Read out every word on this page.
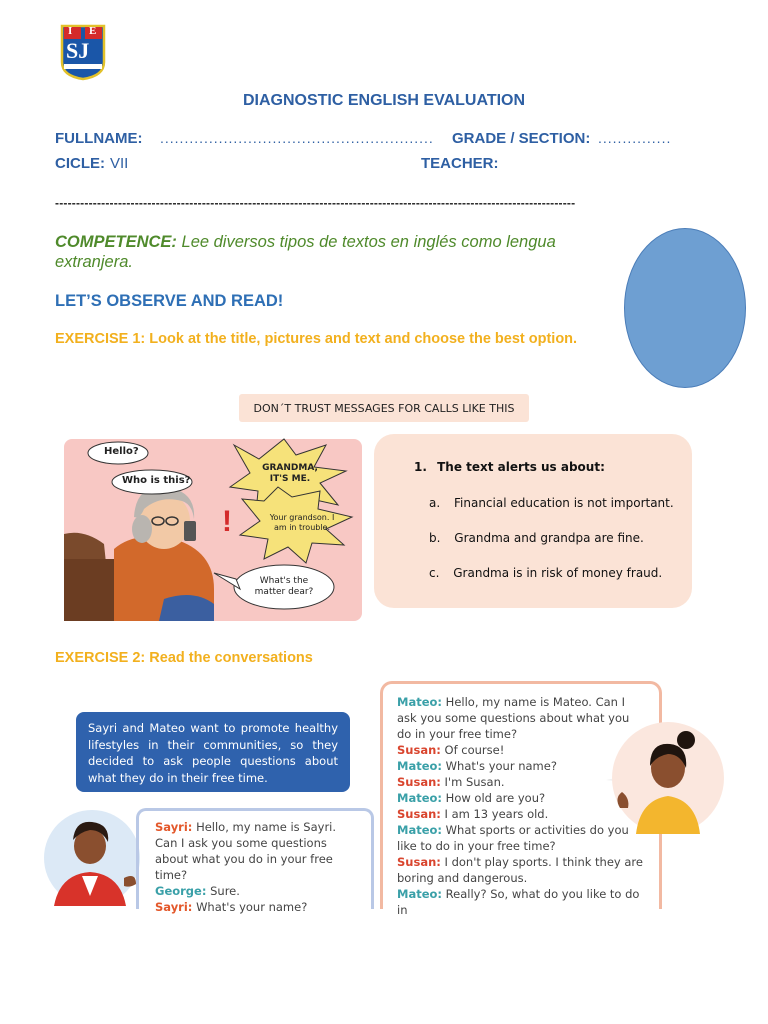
I E
SJ
DIAGNOSTIC ENGLISH EVALUATION
FULLNAME: ........................................................ GRADE / SECTION: ...............
CICLE: VII	TEACHER:
----------------------------------------------------------------------------------------------------------------------------
COMPETENCE: Lee diversos tipos de textos en inglés como lengua extranjera.
LET’S OBSERVE AND READ!
EXERCISE 1: Look at the title, pictures and text and choose the best option.
DON´T TRUST MESSAGES FOR CALLS LIKE THIS
!
Hello?
Who is this?
GRANDMA, IT'S ME.
Your grandson. I am in trouble.
What's the matter dear?
1. The text alerts us about:
a. Financial education is not important.
b. Grandma and grandpa are fine.
c. Grandma is in risk of money fraud.
EXERCISE 2: Read the conversations
Sayri and Mateo want to promote healthy lifestyles in their communities, so they decided to ask people questions about what they do in their free time.
Sayri: Hello, my name is Sayri. Can I ask you some questions about what you do in your free time?
George: Sure.
Sayri: What's your name?
Mateo: Hello, my name is Mateo. Can I ask you some questions about what you do in your free time?
Susan: Of course!
Mateo: What's your name?
Susan: I'm Susan.
Mateo: How old are you?
Susan: I am 13 years old.
Mateo: What sports or activities do you like to do in your free time?
Susan: I don't play sports. I think they are boring and dangerous.
Mateo: Really? So, what do you like to do in
